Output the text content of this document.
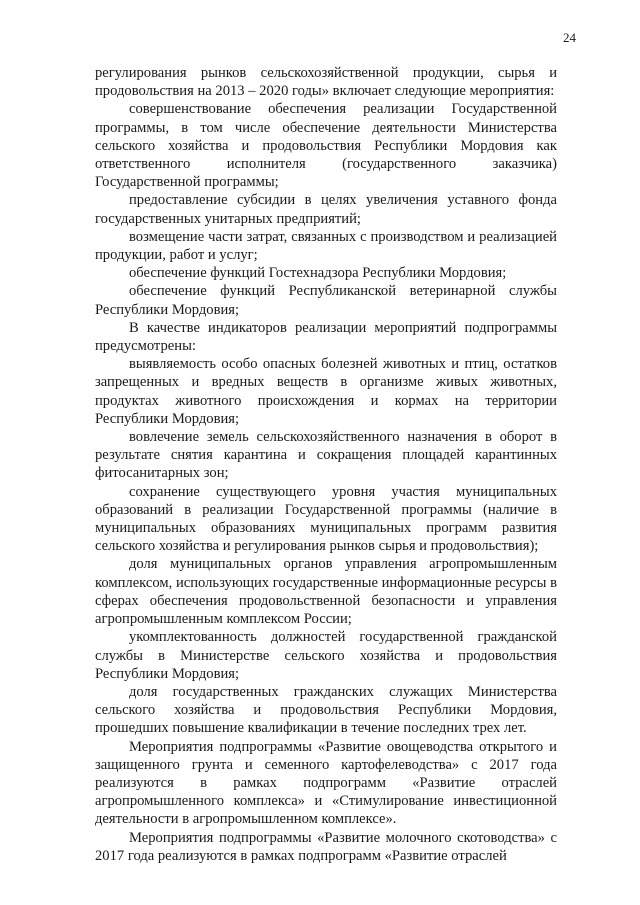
24

регулирования рынков сельскохозяйственной продукции, сырья и продовольствия на 2013 – 2020 годы» включает следующие мероприятия:

совершенствование обеспечения реализации Государственной программы, в том числе обеспечение деятельности Министерства сельского хозяйства и продовольствия Республики Мордовия как ответственного исполнителя (государственного заказчика) Государственной программы;

предоставление субсидии в целях увеличения уставного фонда государственных унитарных предприятий;

возмещение части затрат, связанных с производством и реализацией продукции, работ и услуг;

обеспечение функций Гостехнадзора Республики Мордовия;

обеспечение функций Республиканской ветеринарной службы Республики Мордовия;

В качестве индикаторов реализации мероприятий подпрограммы предусмотрены:

выявляемость особо опасных болезней животных и птиц, остатков запрещенных и вредных веществ в организме живых животных, продуктах животного происхождения и кормах на территории Республики Мордовия;

вовлечение земель сельскохозяйственного назначения в оборот в результате снятия карантина и сокращения площадей карантинных фитосанитарных зон;

сохранение существующего уровня участия муниципальных образований в реализации Государственной программы (наличие в муниципальных образованиях муниципальных программ развития сельского хозяйства и регулирования рынков сырья и продовольствия);

доля муниципальных органов управления агропромышленным комплексом, использующих государственные информационные ресурсы в сферах обеспечения продовольственной безопасности и управления агропромышленным комплексом России;

укомплектованность должностей государственной гражданской службы в Министерстве сельского хозяйства и продовольствия Республики Мордовия;

доля государственных гражданских служащих Министерства сельского хозяйства и продовольствия Республики Мордовия, прошедших повышение квалификации в течение последних трех лет.

Мероприятия подпрограммы «Развитие овощеводства открытого и защищенного грунта и семенного картофелеводства» с 2017 года реализуются в рамках подпрограмм «Развитие отраслей агропромышленного комплекса» и «Стимулирование инвестиционной деятельности в агропромышленном комплексе».

Мероприятия подпрограммы «Развитие молочного скотоводства» с 2017 года реализуются в рамках подпрограмм «Развитие отраслей
